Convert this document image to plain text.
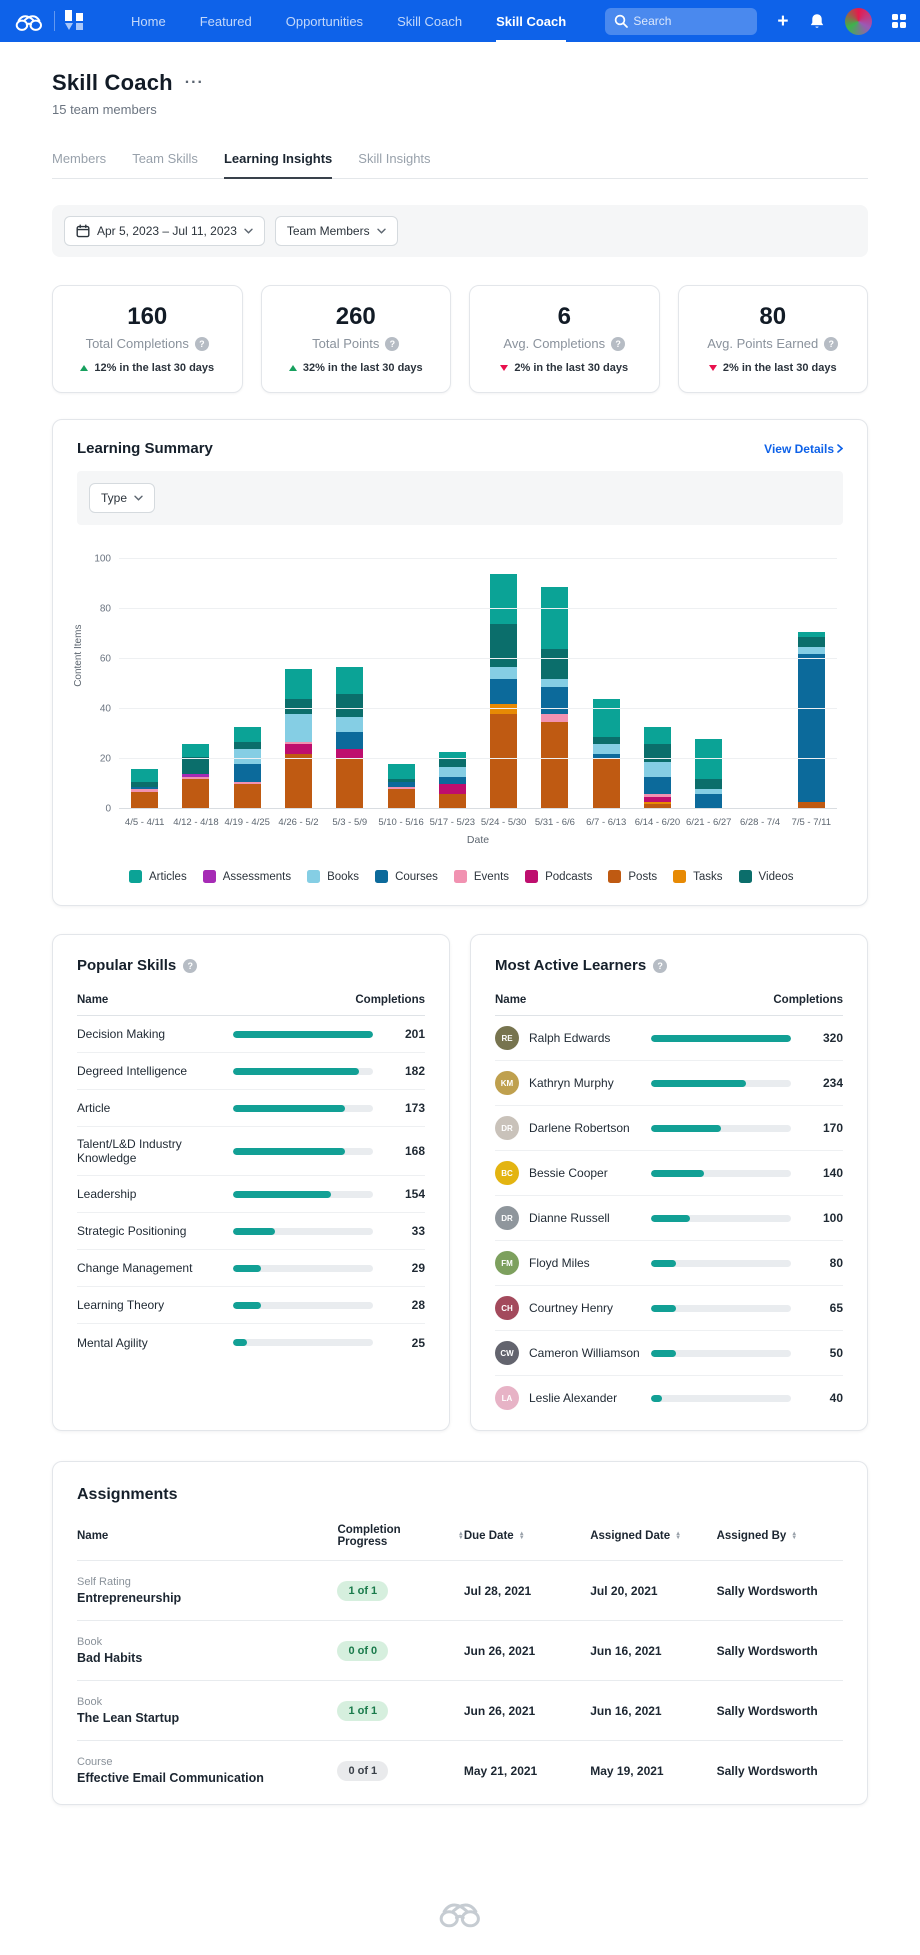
Home	Featured	Opportunities	Skill Coach	Skill Coach
Search	+
Skill Coach ···
15 team members
Members Team Skills Learning Insights Skill Insights
Apr 5, 2023 – Jul 11, 2023	Team Members
160
Total Completions	?
12% in the last 30 days
260
Total Points	?
32% in the last 30 days
6
Avg. Completions	?
2% in the last 30 days
80
Avg. Points Earned	?
2% in the last 30 days
Learning Summary	View Details
Type
Content Items
0
20
40
60
80
100
4/5 - 4/11 4/12 - 4/18 4/19 - 4/25 4/26 - 5/2	5/3 - 5/9	5/10 - 5/16 5/17 - 5/23 5/24 - 5/30 5/31 - 6/6	6/7 - 6/13 6/14 - 6/20 6/21 - 6/27 6/28 - 7/4	7/5 - 7/11
Date
Articles	Assessments	Books	Courses	Events	Podcasts	Posts	Tasks	Videos
Popular Skills	?
Name	Completions
Decision Making	201
Degreed Intelligence	182
Article	173
Talent/L&D Industry Knowledge	168
Leadership	154
Strategic Positioning	33
Change Management	29
Learning Theory	28
Mental Agility	25
Most Active Learners	?
Name	Completions
RE	Ralph Edwards	320
KM	Kathryn Murphy	234
DR	Darlene Robertson	170
BC	Bessie Cooper	140
DR	Dianne Russell	100
FM	Floyd Miles	80
CH	Courtney Henry	65
CW	Cameron Williamson	50
LA	Leslie Alexander	40
Assignments
Name	Completion Progress
▲
▼ Due Date ▲
▼	Assigned Date ▲
▼	Assigned By ▲
▼
Self Rating
Entrepreneurship
1 of 1	Jul 28, 2021	Jul 20, 2021	Sally Wordsworth
Book
Bad Habits
0 of 0	Jun 26, 2021	Jun 16, 2021	Sally Wordsworth
Book
The Lean Startup
1 of 1	Jun 26, 2021	Jun 16, 2021	Sally Wordsworth
Course
Effective Email Communication
0 of 1	May 21, 2021	May 19, 2021	Sally Wordsworth
